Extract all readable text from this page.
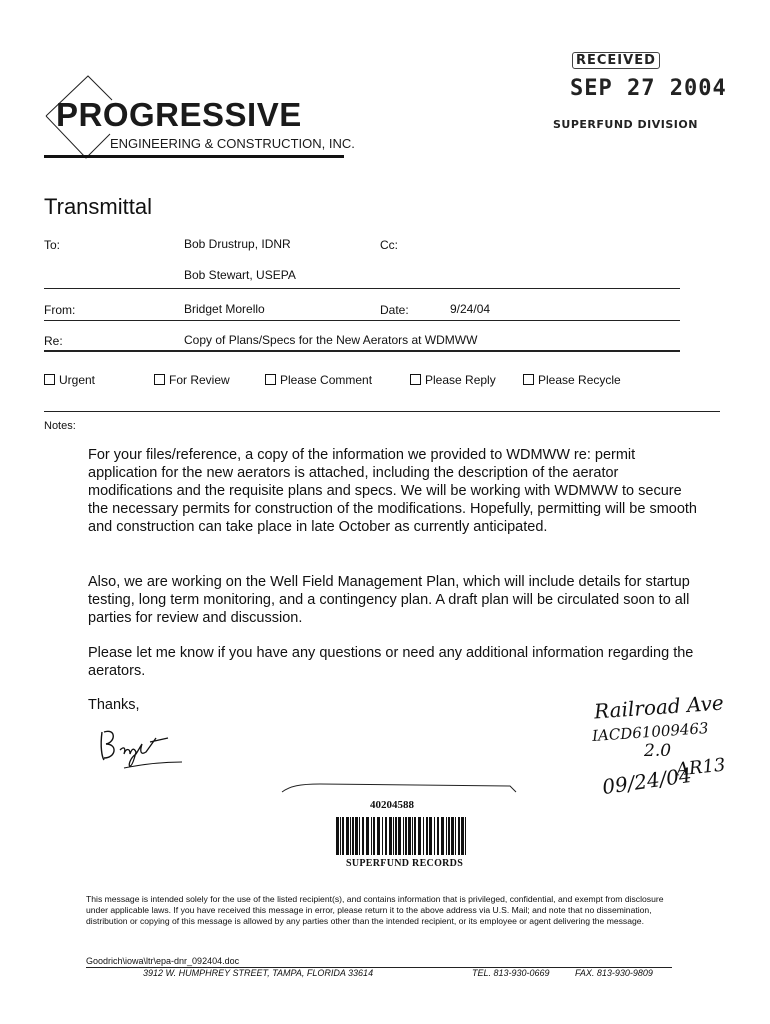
RECEIVED
SEP 27 2004
SUPERFUND DIVISION
PROGRESSIVE
ENGINEERING & CONSTRUCTION, INC.
Transmittal
To:	Bob Drustrup, IDNR	Cc:
Bob Stewart, USEPA
From:	Bridget Morello	Date:	9/24/04
Re:	Copy of Plans/Specs for the New Aerators at WDMWW
Urgent	For Review	Please Comment	Please Reply	Please Recycle
Notes:
For your files/reference, a copy of the information we provided to WDMWW re: permit application for the new aerators is attached, including the description of the aerator modifications and the requisite plans and specs. We will be working with WDMWW to secure the necessary permits for construction of the modifications. Hopefully, permitting will be smooth and construction can take place in late October as currently anticipated.
Also, we are working on the Well Field Management Plan, which will include details for startup testing, long term monitoring, and a contingency plan. A draft plan will be circulated soon to all parties for review and discussion.
Please let me know if you have any questions or need any additional information regarding the aerators.
Thanks,	Railroad Ave
IACD61009463
2.0
09/24/04
AR13
40204588
SUPERFUND RECORDS
This message is intended solely for the use of the listed recipient(s), and contains information that is privileged, confidential, and exempt from disclosure under applicable laws. If you have received this message in error, please return it to the above address via U.S. Mail; and note that no dissemination, distribution or copying of this message is allowed by any parties other than the intended recipient, or its employee or agent delivering the message.
Goodrich\iowa\ltr\epa-dnr_092404.doc
3912 W. HUMPHREY STREET, TAMPA, FLORIDA 33614	TEL. 813-930-0669	FAX. 813-930-9809
